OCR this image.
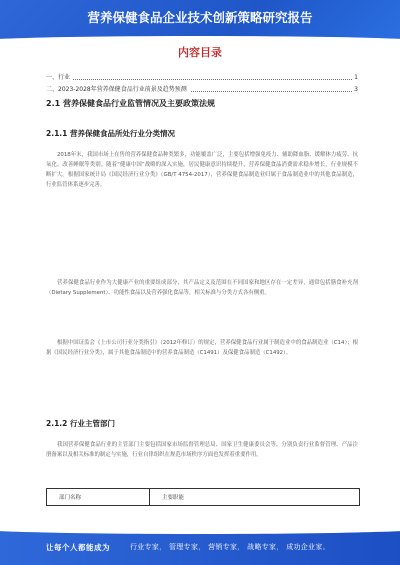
营养保健食品企业技术创新策略研究报告
内容目录
一、行业	1
二、2023-2028年营养保健食品行业前景及趋势预测	3
2.1 营养保健食品行业监管情况及主要政策法规
2.1.1 营养保健食品所处行业分类情况
2018年末，我国市场上在售的营养保健食品种类繁多，功能覆盖广泛，主要包括增强免疫力、辅助降血脂、缓解体力疲劳、抗氧化、改善睡眠等类别。随着“健康中国”战略的深入实施，居民健康意识持续提升，营养保健食品消费需求稳步增长，行业规模不断扩大。根据国家统计局《国民经济行业分类》（GB/T 4754-2017），营养保健食品制造业归属于食品制造业中的其他食品制造，行业监管体系逐步完善。
营养保健食品行业作为大健康产业的重要组成部分，其产品定义及范围在不同国家和地区存在一定差异，通常包括膳食补充剂（Dietary Supplement）、功能性食品以及营养强化食品等，相关标准与分类方式各有侧重。
根据中国证监会《上市公司行业分类指引》（2012年修订）的规定，营养保健食品行业属于制造业中的食品制造业（C14）；根据《国民经济行业分类》，属于其他食品制造中的营养食品制造（C1491）及保健食品制造（C1492）。
2.1.2 行业主管部门
我国营养保健食品行业的主管部门主要包括国家市场监督管理总局、国家卫生健康委员会等，分别负责行业监督管理、产品注册备案以及相关标准的制定与实施，行业自律组织在规范市场秩序方面也发挥着重要作用。
部门名称	主要职能
让每个人都能成为	行业专家， 管理专家， 营销专家， 战略专家， 成功企业家。
